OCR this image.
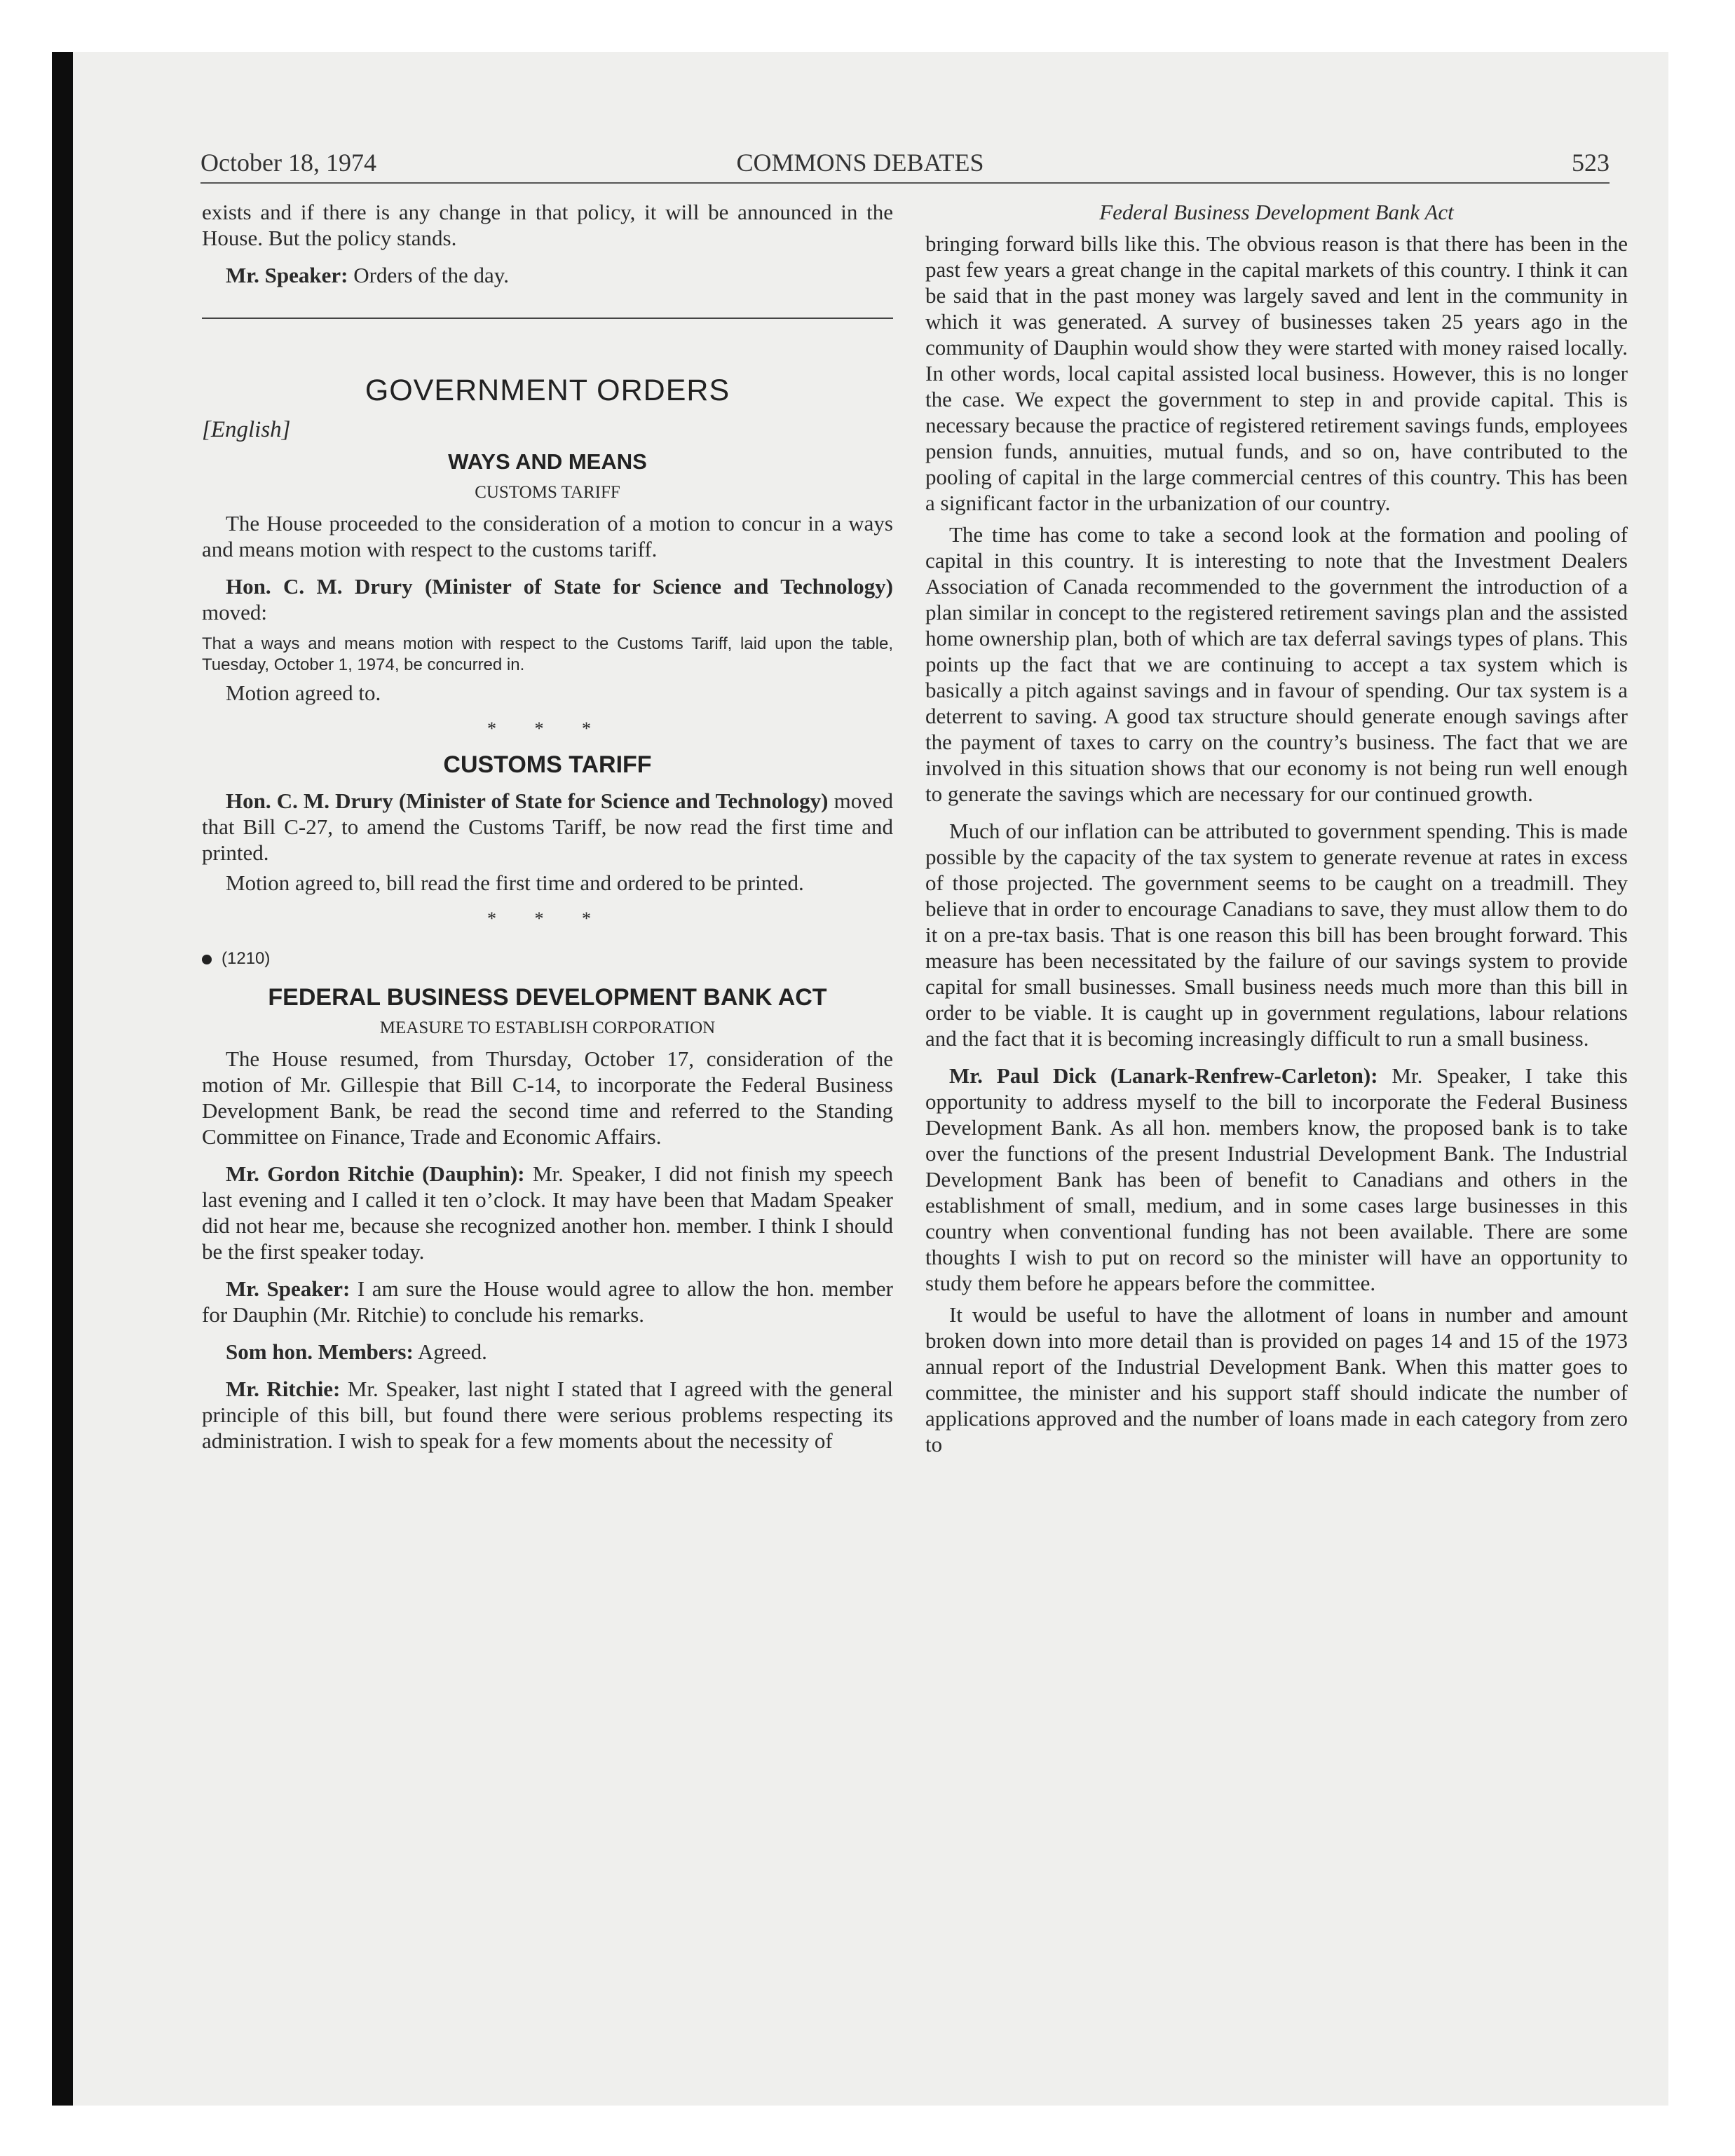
October 18, 1974	COMMONS DEBATES	523

exists and if there is any change in that policy, it will be announced in the House. But the policy stands.

Mr. Speaker: Orders of the day.

GOVERNMENT ORDERS
[English]
WAYS AND MEANS
CUSTOMS TARIFF

The House proceeded to the consideration of a motion to concur in a ways and means motion with respect to the customs tariff.

Hon. C. M. Drury (Minister of State for Science and Technology) moved:

That a ways and means motion with respect to the Customs Tariff, laid upon the table, Tuesday, October 1, 1974, be concurred in.

Motion agreed to.

* * *
CUSTOMS TARIFF

Hon. C. M. Drury (Minister of State for Science and Technology) moved that Bill C-27, to amend the Customs Tariff, be now read the first time and printed.

Motion agreed to, bill read the first time and ordered to be printed.

* * *
(1210)
FEDERAL BUSINESS DEVELOPMENT BANK ACT
MEASURE TO ESTABLISH CORPORATION

The House resumed, from Thursday, October 17, consideration of the motion of Mr. Gillespie that Bill C-14, to incorporate the Federal Business Development Bank, be read the second time and referred to the Standing Committee on Finance, Trade and Economic Affairs.

Mr. Gordon Ritchie (Dauphin): Mr. Speaker, I did not finish my speech last evening and I called it ten o’clock. It may have been that Madam Speaker did not hear me, because she recognized another hon. member. I think I should be the first speaker today.

Mr. Speaker: I am sure the House would agree to allow the hon. member for Dauphin (Mr. Ritchie) to conclude his remarks.

Som hon. Members: Agreed.

Mr. Ritchie: Mr. Speaker, last night I stated that I agreed with the general principle of this bill, but found there were serious problems respecting its administration. I wish to speak for a few moments about the necessity of

Federal Business Development Bank Act

bringing forward bills like this. The obvious reason is that there has been in the past few years a great change in the capital markets of this country. I think it can be said that in the past money was largely saved and lent in the community in which it was generated. A survey of businesses taken 25 years ago in the community of Dauphin would show they were started with money raised locally. In other words, local capital assisted local business. However, this is no longer the case. We expect the government to step in and provide capital. This is necessary because the practice of registered retirement savings funds, employees pension funds, annuities, mutual funds, and so on, have contributed to the pooling of capital in the large commercial centres of this country. This has been a significant factor in the urbanization of our country.

The time has come to take a second look at the formation and pooling of capital in this country. It is interesting to note that the Investment Dealers Association of Canada recommended to the government the introduction of a plan similar in concept to the registered retirement savings plan and the assisted home ownership plan, both of which are tax deferral savings types of plans. This points up the fact that we are continuing to accept a tax system which is basically a pitch against savings and in favour of spending. Our tax system is a deterrent to saving. A good tax structure should generate enough savings after the payment of taxes to carry on the country’s business. The fact that we are involved in this situation shows that our economy is not being run well enough to generate the savings which are necessary for our continued growth.

Much of our inflation can be attributed to government spending. This is made possible by the capacity of the tax system to generate revenue at rates in excess of those projected. The government seems to be caught on a treadmill. They believe that in order to encourage Canadians to save, they must allow them to do it on a pre-tax basis. That is one reason this bill has been brought forward. This measure has been necessitated by the failure of our savings system to provide capital for small businesses. Small business needs much more than this bill in order to be viable. It is caught up in government regulations, labour relations and the fact that it is becoming increasingly difficult to run a small business.

Mr. Paul Dick (Lanark-Renfrew-Carleton): Mr. Speaker, I take this opportunity to address myself to the bill to incorporate the Federal Business Development Bank. As all hon. members know, the proposed bank is to take over the functions of the present Industrial Development Bank. The Industrial Development Bank has been of benefit to Canadians and others in the establishment of small, medium, and in some cases large businesses in this country when conventional funding has not been available. There are some thoughts I wish to put on record so the minister will have an opportunity to study them before he appears before the committee.

It would be useful to have the allotment of loans in number and amount broken down into more detail than is provided on pages 14 and 15 of the 1973 annual report of the Industrial Development Bank. When this matter goes to committee, the minister and his support staff should indicate the number of applications approved and the number of loans made in each category from zero to
